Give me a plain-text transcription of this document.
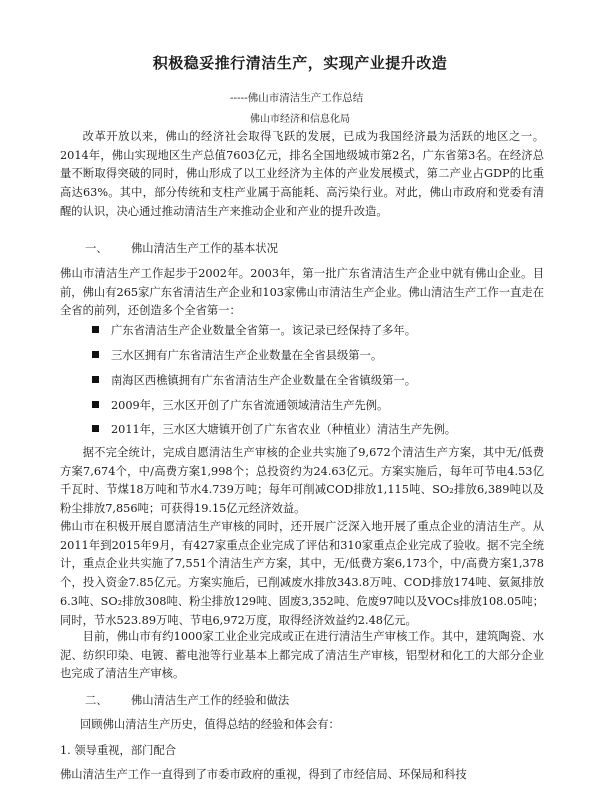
积极稳妥推行清洁生产，实现产业提升改造
-----佛山市清洁生产工作总结
佛山市经济和信息化局

改革开放以来，佛山的经济社会取得飞跃的发展，已成为我国经济最为活跃的地区之一。2014年，佛山实现地区生产总值7603亿元，排名全国地级城市第2名，广东省第3名。在经济总量不断取得突破的同时，佛山形成了以工业经济为主体的产业发展模式，第二产业占GDP的比重高达63%。其中，部分传统和支柱产业属于高能耗、高污染行业。对此，佛山市政府和党委有清醒的认识，决心通过推动清洁生产来推动企业和产业的提升改造。

一、 佛山清洁生产工作的基本状况

佛山市清洁生产工作起步于2002年。2003年，第一批广东省清洁生产企业中就有佛山企业。目前，佛山有265家广东省清洁生产企业和103家佛山市清洁生产企业。佛山清洁生产工作一直走在全省的前列，还创造多个全省第一：

广东省清洁生产企业数量全省第一。该记录已经保持了多年。
三水区拥有广东省清洁生产企业数量在全省县级第一。
南海区西樵镇拥有广东省清洁生产企业数量在全省镇级第一。
2009年，三水区开创了广东省流通领域清洁生产先例。
2011年，三水区大塘镇开创了广东省农业（种植业）清洁生产先例。

据不完全统计，完成自愿清洁生产审核的企业共实施了9,672个清洁生产方案，其中无/低费方案7,674个，中/高费方案1,998个；总投资约为24.63亿元。方案实施后，每年可节电4.53亿千瓦时、节煤18万吨和节水4.739万吨；每年可削减COD排放1,115吨、SO₂排放6,389吨以及粉尘排放7,856吨；可获得19.15亿元经济效益。

佛山市在积极开展自愿清洁生产审核的同时，还开展广泛深入地开展了重点企业的清洁生产。从2011年到2015年9月，有427家重点企业完成了评估和310家重点企业完成了验收。据不完全统计，重点企业共实施了7,551个清洁生产方案，其中，无/低费方案6,173个，中/高费方案1,378个，投入资金7.85亿元。方案实施后，已削减废水排放343.8万吨、COD排放174吨、氨氮排放6.3吨、SO₂排放308吨、粉尘排放129吨、固废3,352吨、危废97吨以及VOCs排放108.05吨；同时，节水523.89万吨、节电6,972万度，取得经济效益约2.48亿元。

目前，佛山市有约1000家工业企业完成或正在进行清洁生产审核工作。其中，建筑陶瓷、水泥、纺织印染、电镀、蓄电池等行业基本上都完成了清洁生产审核，铝型材和化工的大部分企业也完成了清洁生产审核。

二、 佛山清洁生产工作的经验和做法
回顾佛山清洁生产历史，值得总结的经验和体会有：
1. 领导重视，部门配合
佛山清洁生产工作一直得到了市委市政府的重视，得到了市经信局、环保局和科技
